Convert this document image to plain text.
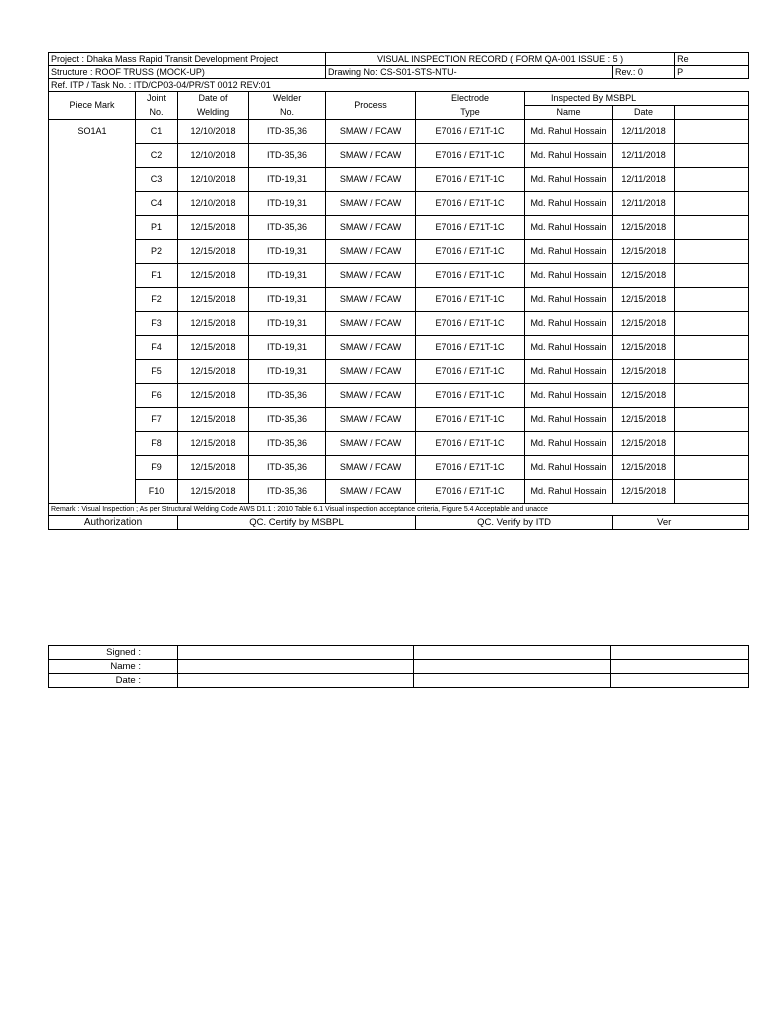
Project : Dhaka Mass Rapid Transit Development Project				VISUAL INSPECTION RECORD ( FORM QA-001 ISSUE : 5 )				Re
Structure : ROOF TRUSS (MOCK-UP)				Drawing No: CS-S01-STS-NTU-			Rev.: 0	P
Ref. ITP / Task No. : ITD/CP03-04/PR/ST 0012 REV:01								
Piece Mark	Joint	Date of	Welder	Process	Electrode	Inspected By MSBPL		
	No.	Welding	No.		Type	Name	Date	
SO1A1	C1	12/10/2018	ITD-35,36	SMAW / FCAW	E7016 / E71T-1C	Md. Rahul Hossain	12/11/2018	
	C2	12/10/2018	ITD-35,36	SMAW / FCAW	E7016 / E71T-1C	Md. Rahul Hossain	12/11/2018	
	C3	12/10/2018	ITD-19,31	SMAW / FCAW	E7016 / E71T-1C	Md. Rahul Hossain	12/11/2018	
	C4	12/10/2018	ITD-19,31	SMAW / FCAW	E7016 / E71T-1C	Md. Rahul Hossain	12/11/2018	
	P1	12/15/2018	ITD-35,36	SMAW / FCAW	E7016 / E71T-1C	Md. Rahul Hossain	12/15/2018	
	P2	12/15/2018	ITD-19,31	SMAW / FCAW	E7016 / E71T-1C	Md. Rahul Hossain	12/15/2018	
	F1	12/15/2018	ITD-19,31	SMAW / FCAW	E7016 / E71T-1C	Md. Rahul Hossain	12/15/2018	
	F2	12/15/2018	ITD-19,31	SMAW / FCAW	E7016 / E71T-1C	Md. Rahul Hossain	12/15/2018	
	F3	12/15/2018	ITD-19,31	SMAW / FCAW	E7016 / E71T-1C	Md. Rahul Hossain	12/15/2018	
	F4	12/15/2018	ITD-19,31	SMAW / FCAW	E7016 / E71T-1C	Md. Rahul Hossain	12/15/2018	
	F5	12/15/2018	ITD-19,31	SMAW / FCAW	E7016 / E71T-1C	Md. Rahul Hossain	12/15/2018	
	F6	12/15/2018	ITD-35,36	SMAW / FCAW	E7016 / E71T-1C	Md. Rahul Hossain	12/15/2018	
	F7	12/15/2018	ITD-35,36	SMAW / FCAW	E7016 / E71T-1C	Md. Rahul Hossain	12/15/2018	
	F8	12/15/2018	ITD-35,36	SMAW / FCAW	E7016 / E71T-1C	Md. Rahul Hossain	12/15/2018	
	F9	12/15/2018	ITD-35,36	SMAW / FCAW	E7016 / E71T-1C	Md. Rahul Hossain	12/15/2018	
	F10	12/15/2018	ITD-35,36	SMAW / FCAW	E7016 / E71T-1C	Md. Rahul Hossain	12/15/2018	
Remark : Visual Inspection ; As per Structural Welding Code AWS D1.1 : 2010 Table 6.1 Visual inspection acceptance criteria, Figure 5.4 Acceptable and unacce								
Authorization		QC. Certify by MSBPL			QC. Verify by ITD		Ver	
Signed :			
Name :			
Date :			
